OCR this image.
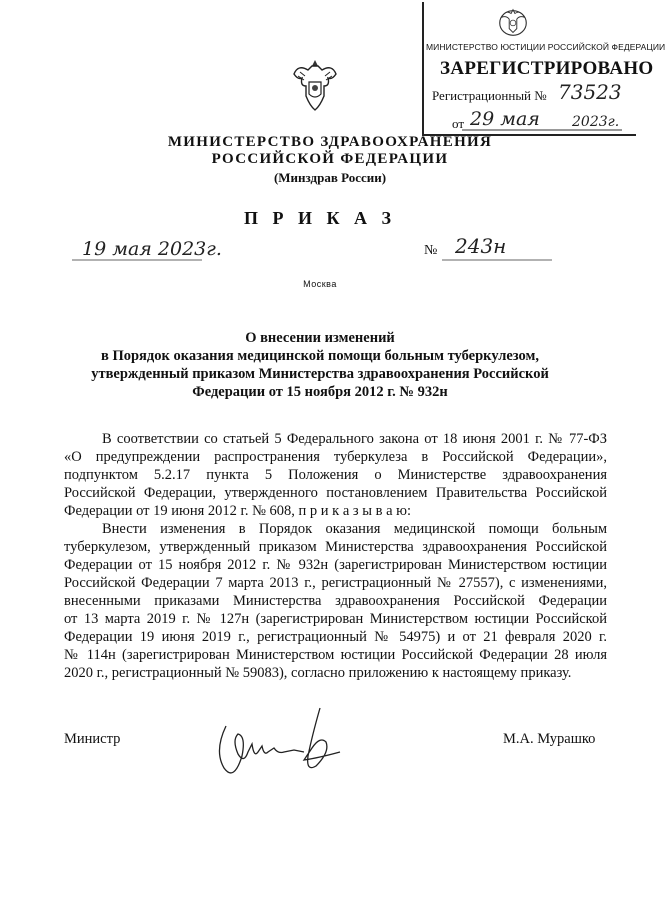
МИНИСТЕРСТВО ЮСТИЦИИ РОССИЙСКОЙ ФЕДЕРАЦИИ
ЗАРЕГИСТРИРОВАНО
Регистрационный № 73523
от 29 мая 2023г.
МИНИСТЕРСТВО ЗДРАВООХРАНЕНИЯ
РОССИЙСКОЙ ФЕДЕРАЦИИ
(Минздрав России)
П Р И К А З
19 мая 2023г.	№ 243н
Москва
О внесении изменений
в Порядок оказания медицинской помощи больным туберкулезом,
утвержденный приказом Министерства здравоохранения Российской
Федерации от 15 ноября 2012 г. № 932н
В соответствии со статьей 5 Федерального закона от 18 июня 2001 г. № 77-ФЗ
«О предупреждении распространения туберкулеза в Российской Федерации»,
подпунктом 5.2.17 пункта 5 Положения о Министерстве здравоохранения
Российской Федерации, утвержденного постановлением Правительства Российской
Федерации от 19 июня 2012 г. № 608, п р и к а з ы в а ю:
Внести изменения в Порядок оказания медицинской помощи больным
туберкулезом, утвержденный приказом Министерства здравоохранения Российской
Федерации от 15 ноября 2012 г. № 932н (зарегистрирован Министерством юстиции
Российской Федерации 7 марта 2013 г., регистрационный № 27557), с изменениями,
внесенными приказами Министерства здравоохранения Российской Федерации
от 13 марта 2019 г. № 127н (зарегистрирован Министерством юстиции Российской
Федерации 19 июня 2019 г., регистрационный № 54975) и от 21 февраля 2020 г.
№ 114н (зарегистрирован Министерством юстиции Российской Федерации 28 июля
2020 г., регистрационный № 59083), согласно приложению к настоящему приказу.
Министр	М.А. Мурашко
